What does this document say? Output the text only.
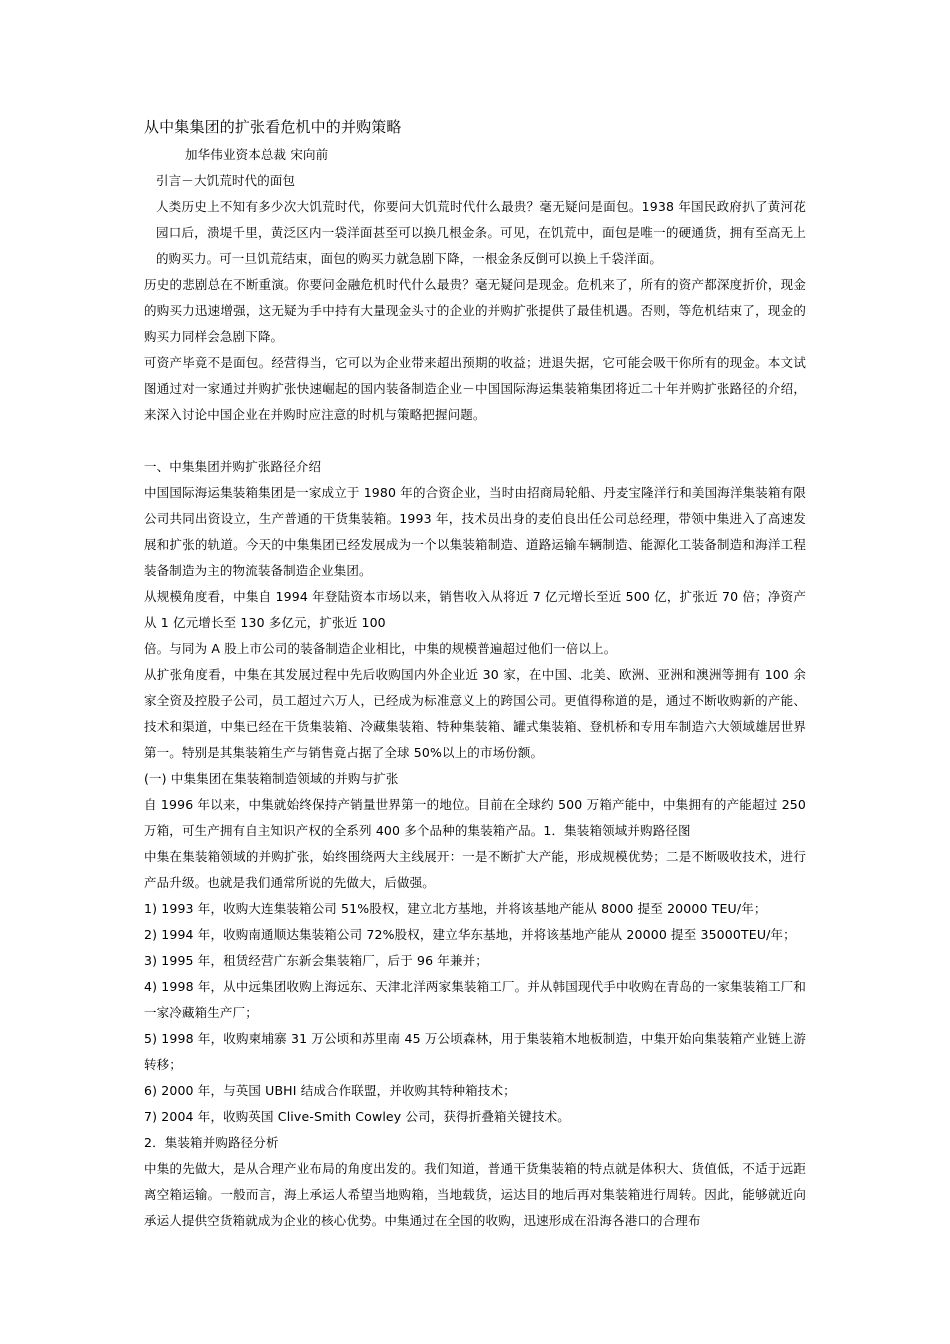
从中集集团的扩张看危机中的并购策略

加华伟业资本总裁 宋向前

引言－大饥荒时代的面包

人类历史上不知有多少次大饥荒时代，你要问大饥荒时代什么最贵？毫无疑问是面包。1938 年国民政府扒了黄河花园口后，溃堤千里，黄泛区内一袋洋面甚至可以换几根金条。可见，在饥荒中，面包是唯一的硬通货，拥有至高无上的购买力。可一旦饥荒结束，面包的购买力就急剧下降，一根金条反倒可以换上千袋洋面。

历史的悲剧总在不断重演。你要问金融危机时代什么最贵？毫无疑问是现金。危机来了，所有的资产都深度折价，现金的购买力迅速增强，这无疑为手中持有大量现金头寸的企业的并购扩张提供了最佳机遇。否则，等危机结束了，现金的购买力同样会急剧下降。

可资产毕竟不是面包。经营得当，它可以为企业带来超出预期的收益；进退失据，它可能会吸干你所有的现金。本文试图通过对一家通过并购扩张快速崛起的国内装备制造企业－中国国际海运集装箱集团将近二十年并购扩张路径的介绍，来深入讨论中国企业在并购时应注意的时机与策略把握问题。

一、中集集团并购扩张路径介绍

中国国际海运集装箱集团是一家成立于 1980 年的合资企业，当时由招商局轮船、丹麦宝隆洋行和美国海洋集装箱有限公司共同出资设立，生产普通的干货集装箱。1993 年，技术员出身的麦伯良出任公司总经理，带领中集进入了高速发展和扩张的轨道。今天的中集集团已经发展成为一个以集装箱制造、道路运输车辆制造、能源化工装备制造和海洋工程装备制造为主的物流装备制造企业集团。

从规模角度看，中集自 1994 年登陆资本市场以来，销售收入从将近 7 亿元增长至近 500 亿，扩张近 70 倍；净资产从 1 亿元增长至 130 多亿元，扩张近 100

倍。与同为 A 股上市公司的装备制造企业相比，中集的规模普遍超过他们一倍以上。

从扩张角度看，中集在其发展过程中先后收购国内外企业近 30 家，在中国、北美、欧洲、亚洲和澳洲等拥有 100 余家全资及控股子公司，员工超过六万人，已经成为标准意义上的跨国公司。更值得称道的是，通过不断收购新的产能、技术和渠道，中集已经在干货集装箱、冷藏集装箱、特种集装箱、罐式集装箱、登机桥和专用车制造六大领域雄居世界第一。特别是其集装箱生产与销售竟占据了全球 50%以上的市场份额。

(一) 中集集团在集装箱制造领域的并购与扩张

自 1996 年以来，中集就始终保持产销量世界第一的地位。目前在全球约 500 万箱产能中，中集拥有的产能超过 250 万箱，可生产拥有自主知识产权的全系列 400 多个品种的集装箱产品。1．集装箱领域并购路径图

中集在集装箱领域的并购扩张，始终围绕两大主线展开：一是不断扩大产能，形成规模优势；二是不断吸收技术，进行产品升级。也就是我们通常所说的先做大，后做强。

1) 1993 年，收购大连集装箱公司 51%股权，建立北方基地，并将该基地产能从 8000 提至 20000 TEU/年；

2) 1994 年，收购南通顺达集装箱公司 72%股权，建立华东基地，并将该基地产能从 20000 提至 35000TEU/年；

3) 1995 年，租赁经营广东新会集装箱厂，后于 96 年兼并；

4) 1998 年，从中远集团收购上海远东、天津北洋两家集装箱工厂。并从韩国现代手中收购在青岛的一家集装箱工厂和一家冷藏箱生产厂；

5) 1998 年，收购柬埔寨 31 万公顷和苏里南 45 万公顷森林，用于集装箱木地板制造，中集开始向集装箱产业链上游转移；

6) 2000 年，与英国 UBHI 结成合作联盟，并收购其特种箱技术；

7) 2004 年，收购英国 Clive-Smith Cowley 公司，获得折叠箱关键技术。

2．集装箱并购路径分析

中集的先做大，是从合理产业布局的角度出发的。我们知道，普通干货集装箱的特点就是体积大、货值低，不适于远距离空箱运输。一般而言，海上承运人希望当地购箱，当地载货，运达目的地后再对集装箱进行周转。因此，能够就近向承运人提供空货箱就成为企业的核心优势。中集通过在全国的收购，迅速形成在沿海各港口的合理布
